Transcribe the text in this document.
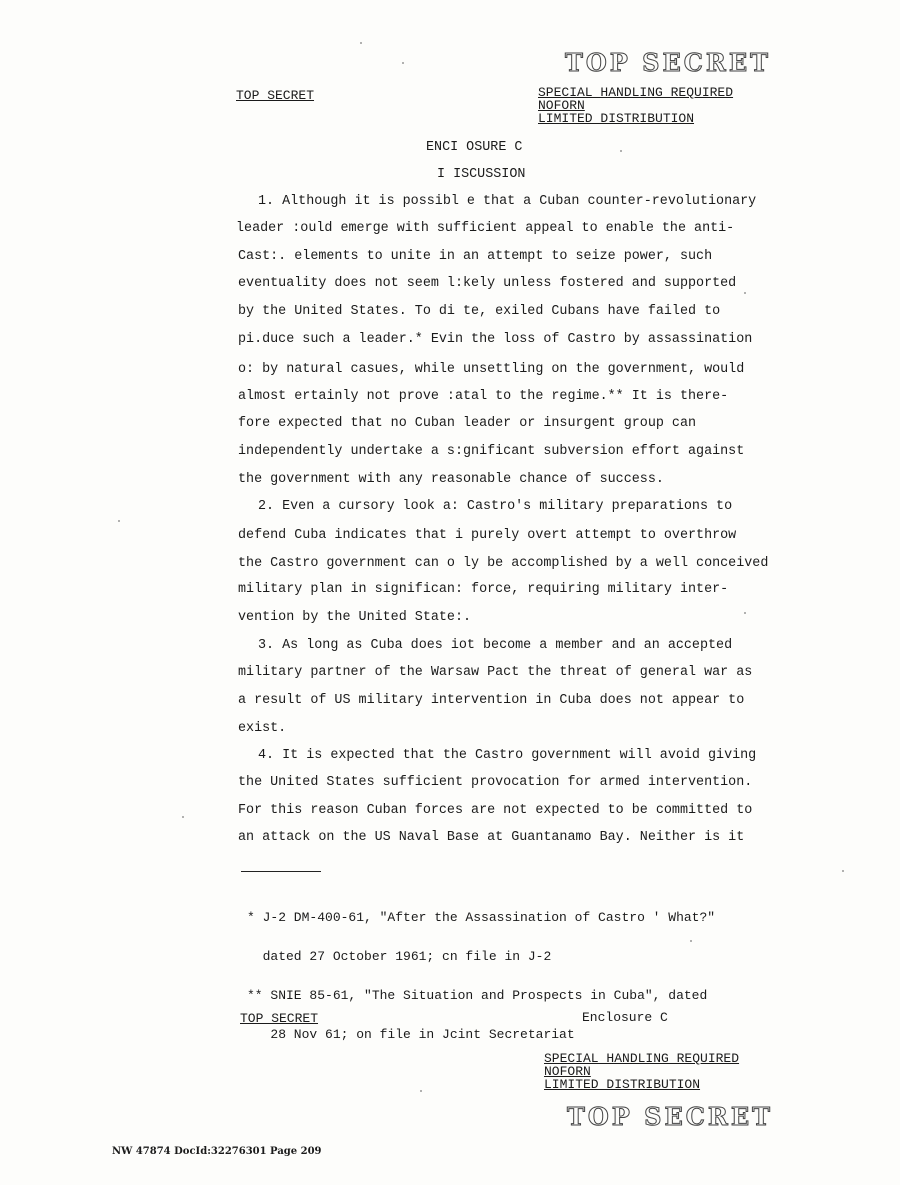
TOP SECRET
TOP SECRET	SPECIAL HANDLING REQUIRED
NOFORN
LIMITED DISTRIBUTION
ENCI OSURE C
I ISCUSSION
1. Although it is possibl e that a Cuban counter-revolutionary
leader :ould emerge with sufficient appeal to enable the anti-
Cast:. elements to unite in an attempt to seize power, such
eventuality does not seem l:kely unless fostered and supported
by the United States. To di te, exiled Cubans have failed to
pi.duce such a leader.* Evin the loss of Castro by assassination
o: by natural casues, while unsettling on the government, would
almost ertainly not prove :atal to the regime.** It is there-
fore expected that no Cuban leader or insurgent group can
independently undertake a s:gnificant subversion effort against
the government with any reasonable chance of success.
2. Even a cursory look a: Castro's military preparations to
defend Cuba indicates that i purely overt attempt to overthrow
the Castro government can o ly be accomplished by a well conceived
military plan in significan: force, requiring military inter-
vention by the United State:.
3. As long as Cuba does iot become a member and an accepted
military partner of the Warsaw Pact the threat of general war as
a result of US military intervention in Cuba does not appear to
exist.
4. It is expected that the Castro government will avoid giving
the United States sufficient provocation for armed intervention.
For this reason Cuban forces are not expected to be committed to
an attack on the US Naval Base at Guantanamo Bay. Neither is it

* J-2 DM-400-61, "After the Assassination of Castro ' What?"

dated 27 October 1961; cn file in J-2

** SNIE 85-61, "The Situation and Prospects in Cuba", dated

28 Nov 61; on file in Jcint Secretariat

TOP SECRET	Enclosure C
SPECIAL HANDLING REQUIRED
NOFORN
LIMITED DISTRIBUTION
TOP SECRET
NW 47874 DocId:32276301 Page 209
